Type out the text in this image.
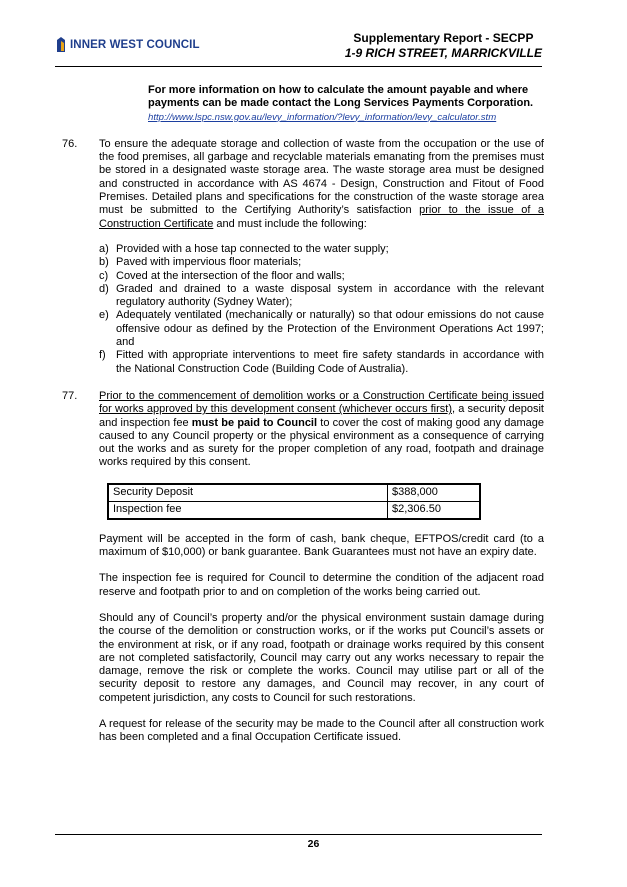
INNER WEST COUNCIL	Supplementary Report - SECPP
1-9 RICH STREET, MARRICKVILLE
For more information on how to calculate the amount payable and where payments can be made contact the Long Services Payments Corporation.
http://www.lspc.nsw.gov.au/levy_information/?levy_information/levy_calculator.stm
76.	To ensure the adequate storage and collection of waste from the occupation or the use of the food premises, all garbage and recyclable materials emanating from the premises must be stored in a designated waste storage area. The waste storage area must be designed and constructed in accordance with AS 4674 - Design, Construction and Fitout of Food Premises. Detailed plans and specifications for the construction of the waste storage area must be submitted to the Certifying Authority’s satisfaction prior to the issue of a Construction Certificate and must include the following:
a) Provided with a hose tap connected to the water supply;
b) Paved with impervious floor materials;
c) Coved at the intersection of the floor and walls;
d) Graded and drained to a waste disposal system in accordance with the relevant regulatory authority (Sydney Water);
e) Adequately ventilated (mechanically or naturally) so that odour emissions do not cause offensive odour as defined by the Protection of the Environment Operations Act 1997; and
f) Fitted with appropriate interventions to meet fire safety standards in accordance with the National Construction Code (Building Code of Australia).
77.	Prior to the commencement of demolition works or a Construction Certificate being issued for works approved by this development consent (whichever occurs first), a security deposit and inspection fee must be paid to Council to cover the cost of making good any damage caused to any Council property or the physical environment as a consequence of carrying out the works and as surety for the proper completion of any road, footpath and drainage works required by this consent.
Security Deposit	$388,000
Inspection fee	$2,306.50
Payment will be accepted in the form of cash, bank cheque, EFTPOS/credit card (to a maximum of $10,000) or bank guarantee. Bank Guarantees must not have an expiry date.
The inspection fee is required for Council to determine the condition of the adjacent road reserve and footpath prior to and on completion of the works being carried out.
Should any of Council’s property and/or the physical environment sustain damage during the course of the demolition or construction works, or if the works put Council’s assets or the environment at risk, or if any road, footpath or drainage works required by this consent are not completed satisfactorily, Council may carry out any works necessary to repair the damage, remove the risk or complete the works. Council may utilise part or all of the security deposit to restore any damages, and Council may recover, in any court of competent jurisdiction, any costs to Council for such restorations.
A request for release of the security may be made to the Council after all construction work has been completed and a final Occupation Certificate issued.
26
